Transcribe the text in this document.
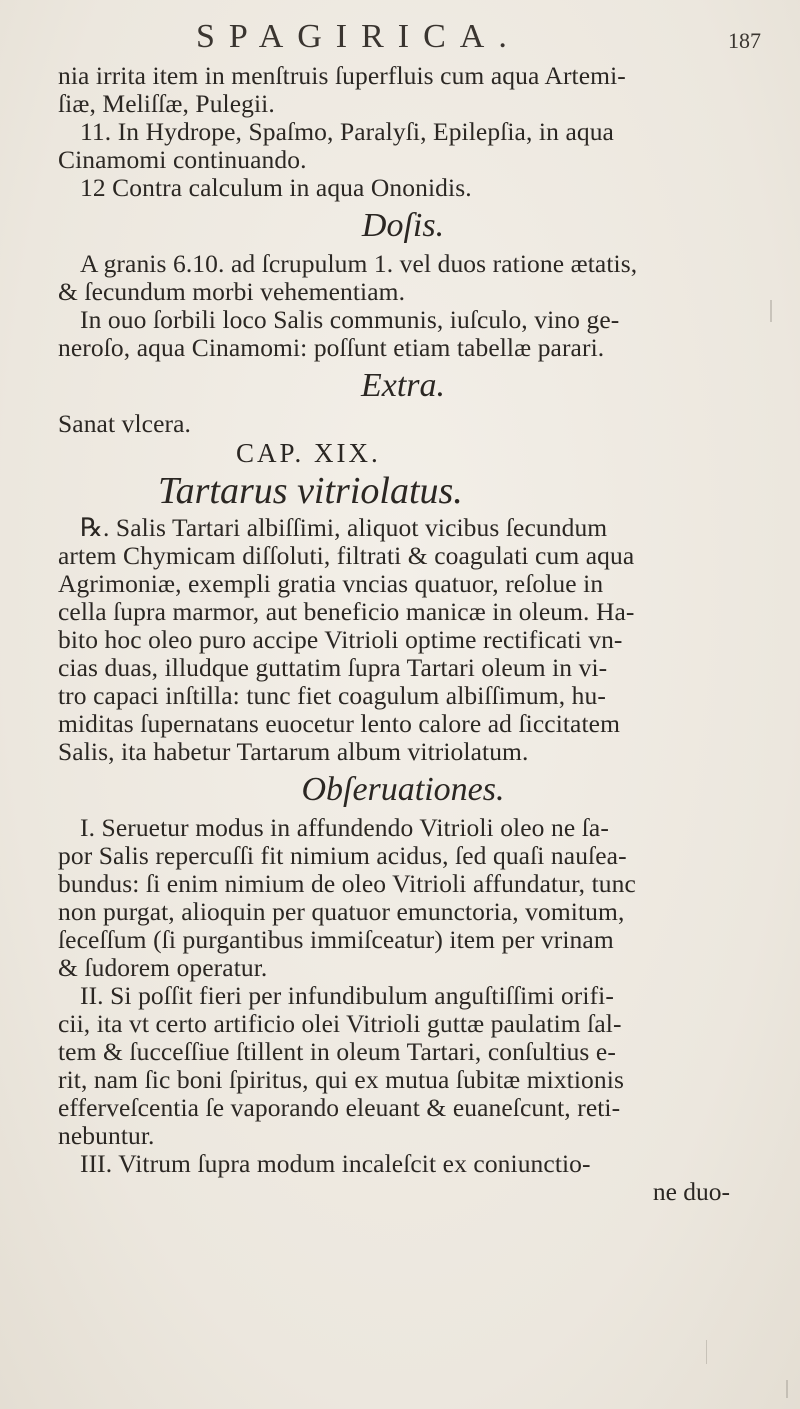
SPAGIRICA.	187
nia irrita item in menſtruis ſuperfluis cum aqua Artemi-
ſiæ, Meliſſæ, Pulegii.
11. In Hydrope, Spaſmo, Paralyſi, Epilepſia, in aqua
Cinamomi continuando.
12 Contra calculum in aqua Ononidis.
Doſis.
A granis 6.10. ad ſcrupulum 1. vel duos ratione ætatis,
& ſecundum morbi vehementiam.
In ouo ſorbili loco Salis communis, iuſculo, vino ge-
neroſo, aqua Cinamomi: poſſunt etiam tabellæ parari.
Extra.
Sanat vlcera.
CAP. XIX.
Tartarus vitriolatus.
℞. Salis Tartari albiſſimi, aliquot vicibus ſecundum
artem Chymicam diſſoluti, filtrati & coagulati cum aqua
Agrimoniæ, exempli gratia vncias quatuor, reſolue in
cella ſupra marmor, aut beneficio manicæ in oleum. Ha-
bito hoc oleo puro accipe Vitrioli optime rectificati vn-
cias duas, illudque guttatim ſupra Tartari oleum in vi-
tro capaci inſtilla: tunc fiet coagulum albiſſimum, hu-
miditas ſupernatans euocetur lento calore ad ſiccitatem
Salis, ita habetur Tartarum album vitriolatum.
Obſeruationes.
I. Seruetur modus in affundendo Vitrioli oleo ne ſa-
por Salis repercuſſi fit nimium acidus, ſed quaſi nauſea-
bundus: ſi enim nimium de oleo Vitrioli affundatur, tunc
non purgat, alioquin per quatuor emunctoria, vomitum,
ſeceſſum (ſi purgantibus immiſceatur) item per vrinam
& ſudorem operatur.
II. Si poſſit fieri per infundibulum anguſtiſſimi orifi-
cii, ita vt certo artificio olei Vitrioli guttæ paulatim ſal-
tem & ſucceſſiue ſtillent in oleum Tartari, conſultius e-
rit, nam ſic boni ſpiritus, qui ex mutua ſubitæ mixtionis
efferveſcentia ſe vaporando eleuant & euaneſcunt, reti-
nebuntur.
III. Vitrum ſupra modum incaleſcit ex coniunctio-
ne duo-
